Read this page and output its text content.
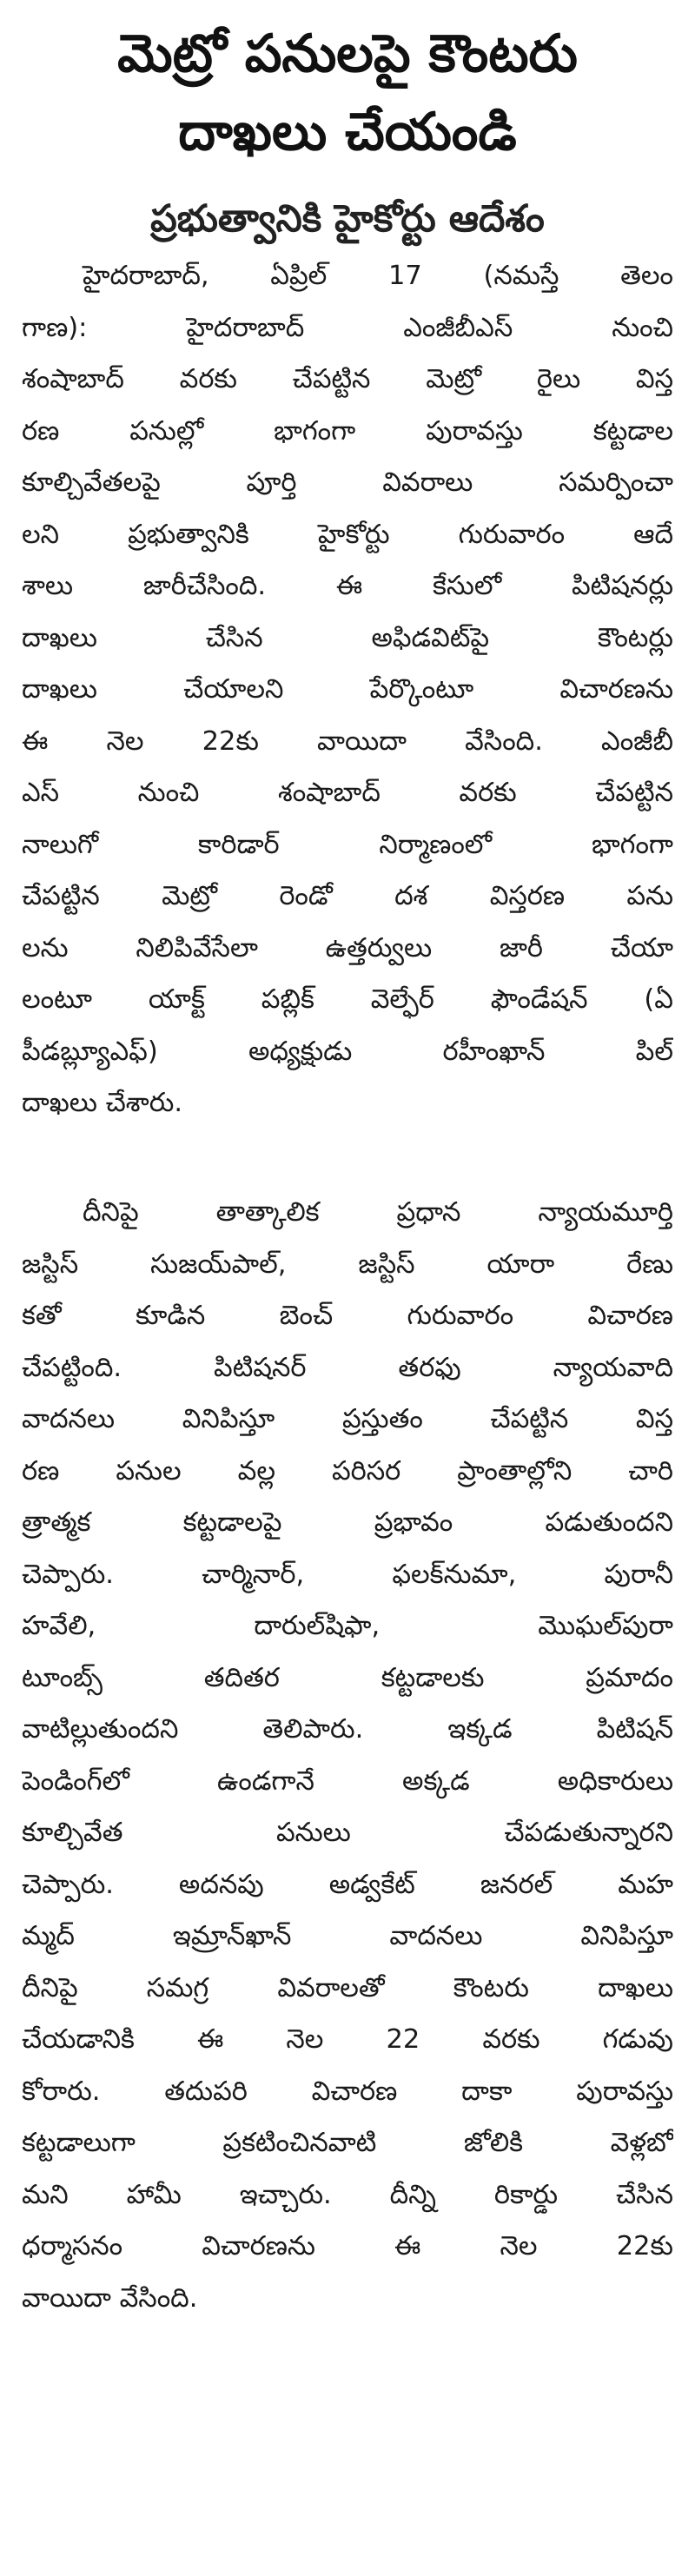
మెట్రో పనులపై కౌంటరు
దాఖలు చేయండి
ప్రభుత్వానికి హైకోర్టు ఆదేశం
హైదరాబాద్, ఏప్రిల్ 17 (నమస్తే తెలం
గాణ): హైదరాబాద్ ఎంజీబీఎస్ నుంచి
శంషాబాద్ వరకు చేపట్టిన మెట్రో రైలు విస్త
రణ పనుల్లో భాగంగా పురావస్తు కట్టడాల
కూల్చివేతలపై పూర్తి వివరాలు సమర్పించా
లని ప్రభుత్వానికి హైకోర్టు గురువారం ఆదే
శాలు జారీచేసింది. ఈ కేసులో పిటిషనర్లు
దాఖలు చేసిన అఫిడవిట్‌పై కౌంటర్లు
దాఖలు చేయాలని పేర్కొంటూ విచారణను
ఈ నెల 22కు వాయిదా వేసింది. ఎంజీబీ
ఎస్ నుంచి శంషాబాద్ వరకు చేపట్టిన
నాలుగో కారిడార్ నిర్మాణంలో భాగంగా
చేపట్టిన మెట్రో రెండో దశ విస్తరణ పను
లను నిలిపివేసేలా ఉత్తర్వులు జారీ చేయా
లంటూ యాక్ట్ పబ్లిక్ వెల్ఫేర్ ఫౌండేషన్ (ఏ
పీడబ్ల్యూఎఫ్) అధ్యక్షుడు రహీంఖాన్ పిల్
దాఖలు చేశారు.
దీనిపై తాత్కాలిక ప్రధాన న్యాయమూర్తి
జస్టిస్ సుజయ్‌పాల్, జస్టిస్ యారా రేణు
కతో కూడిన బెంచ్ గురువారం విచారణ
చేపట్టింది. పిటిషనర్ తరఫు న్యాయవాది
వాదనలు వినిపిస్తూ ప్రస్తుతం చేపట్టిన విస్త
రణ పనుల వల్ల పరిసర ప్రాంతాల్లోని చారి
త్రాత్మక కట్టడాలపై ప్రభావం పడుతుందని
చెప్పారు. చార్మినార్, ఫలక్‌నుమా, పురానీ
హవేలి, దారుల్‌షిఫా, మొఘల్‌పురా
టూంబ్స్ తదితర కట్టడాలకు ప్రమాదం
వాటిల్లుతుందని తెలిపారు. ఇక్కడ పిటిషన్
పెండింగ్‌లో ఉండగానే అక్కడ అధికారులు
కూల్చివేత పనులు చేపడుతున్నారని
చెప్పారు. అదనపు అడ్వకేట్ జనరల్ మహ
మ్మద్ ఇమ్రాన్‌ఖాన్ వాదనలు వినిపిస్తూ
దీనిపై సమగ్ర వివరాలతో కౌంటరు దాఖలు
చేయడానికి ఈ నెల 22 వరకు గడువు
కోరారు. తదుపరి విచారణ దాకా పురావస్తు
కట్టడాలుగా ప్రకటించినవాటి జోలికి వెళ్లబో
మని హామీ ఇచ్చారు. దీన్ని రికార్డు చేసిన
ధర్మాసనం విచారణను ఈ నెల 22కు
వాయిదా వేసింది.
